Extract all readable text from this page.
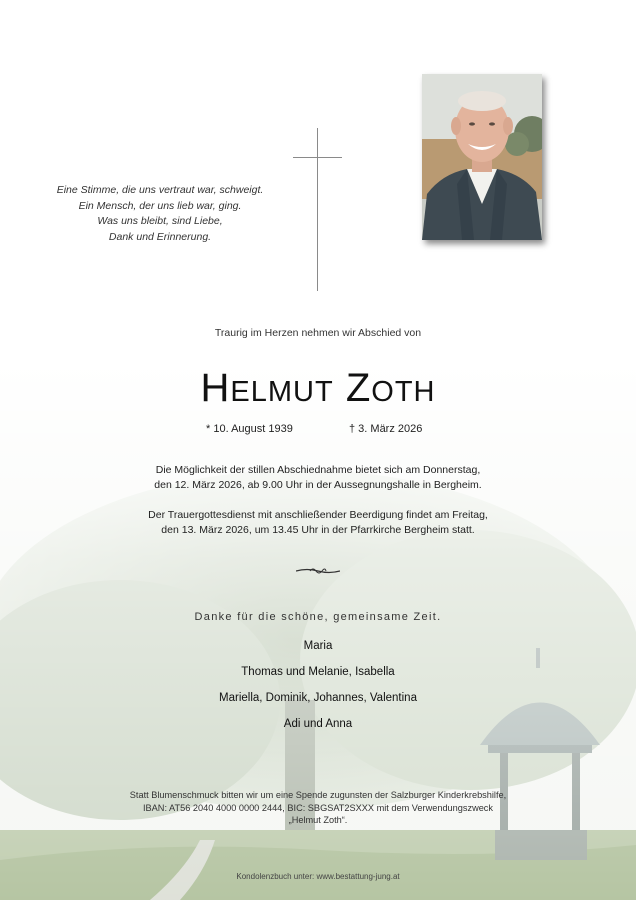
Eine Stimme, die uns vertraut war, schweigt.
Ein Mensch, der uns lieb war, ging.
Was uns bleibt, sind Liebe,
Dank und Erinnerung.
Traurig im Herzen nehmen wir Abschied von
HELMUT ZOTH
* 10. August 1939	† 3. März 2026
Die Möglichkeit der stillen Abschiednahme bietet sich am Donnerstag,
den 12. März 2026, ab 9.00 Uhr in der Aussegnungshalle in Bergheim.
Der Trauergottesdienst mit anschließender Beerdigung findet am Freitag,
den 13. März 2026, um 13.45 Uhr in der Pfarrkirche Bergheim statt.
Danke für die schöne, gemeinsame Zeit.
Maria
Thomas und Melanie, Isabella
Mariella, Dominik, Johannes, Valentina
Adi und Anna
Statt Blumenschmuck bitten wir um eine Spende zugunsten der Salzburger Kinderkrebshilfe,
IBAN: AT56 2040 4000 0000 2444, BIC: SBGSAT2SXXX mit dem Verwendungszweck
„Helmut Zoth“.
Kondolenzbuch unter: www.bestattung-jung.at
